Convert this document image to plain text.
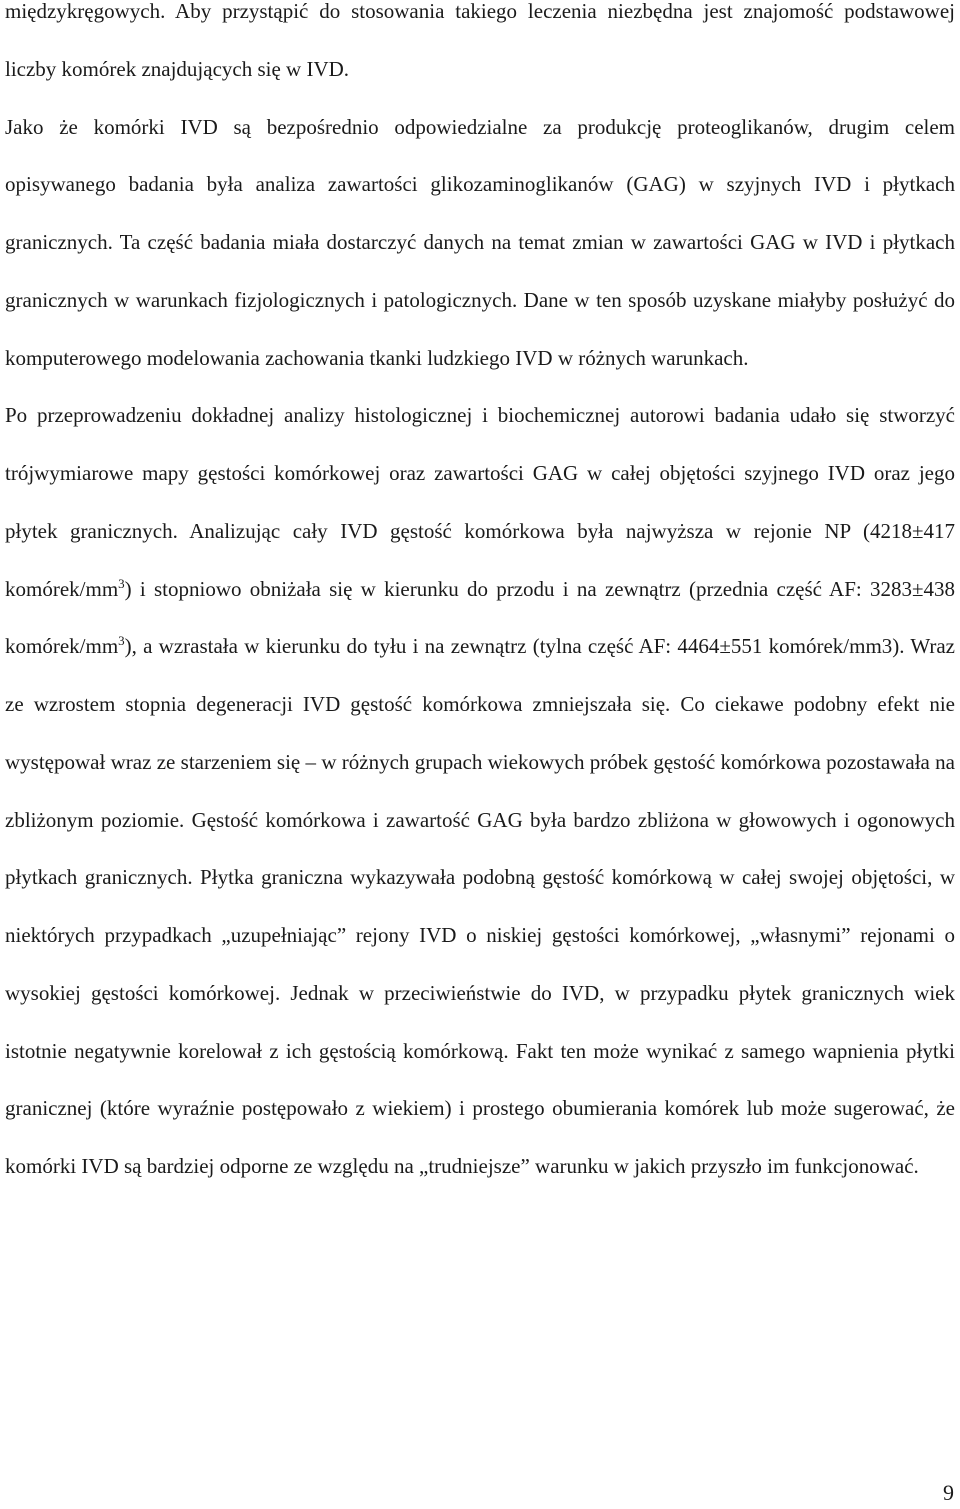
międzykręgowych. Aby przystąpić do stosowania takiego leczenia niezbędna jest znajomość podstawowej liczby komórek znajdujących się w IVD.

Jako że komórki IVD są bezpośrednio odpowiedzialne za produkcję proteoglikanów, drugim celem opisywanego badania była analiza zawartości glikozaminoglikanów (GAG) w szyjnych IVD i płytkach granicznych. Ta część badania miała dostarczyć danych na temat zmian w zawartości GAG w IVD i płytkach granicznych w warunkach fizjologicznych i patologicznych. Dane w ten sposób uzyskane miałyby posłużyć do komputerowego modelowania zachowania tkanki ludzkiego IVD w różnych warunkach.

Po przeprowadzeniu dokładnej analizy histologicznej i biochemicznej autorowi badania udało się stworzyć trójwymiarowe mapy gęstości komórkowej oraz zawartości GAG w całej objętości szyjnego IVD oraz jego płytek granicznych. Analizując cały IVD gęstość komórkowa była najwyższa w rejonie NP (4218±417 komórek/$mm^3$) i stopniowo obniżała się w kierunku do przodu i na zewnątrz (przednia część AF: 3283±438 komórek/$mm^3$), a wzrastała w kierunku do tyłu i na zewnątrz (tylna część AF: 4464±551 komórek/mm3). Wraz ze wzrostem stopnia degeneracji IVD gęstość komórkowa zmniejszała się. Co ciekawe podobny efekt nie występował wraz ze starzeniem się – w różnych grupach wiekowych próbek gęstość komórkowa pozostawała na zbliżonym poziomie. Gęstość komórkowa i zawartość GAG była bardzo zbliżona w głowowych i ogonowych płytkach granicznych. Płytka graniczna wykazywała podobną gęstość komórkową w całej swojej objętości, w niektórych przypadkach „uzupełniając” rejony IVD o niskiej gęstości komórkowej, „własnymi” rejonami o wysokiej gęstości komórkowej. Jednak w przeciwieństwie do IVD, w przypadku płytek granicznych wiek istotnie negatywnie korelował z ich gęstością komórkową. Fakt ten może wynikać z samego wapnienia płytki granicznej (które wyraźnie postępowało z wiekiem) i prostego obumierania komórek lub może sugerować, że komórki IVD są bardziej odporne ze względu na „trudniejsze” warunku w jakich przyszło im funkcjonować.

9
